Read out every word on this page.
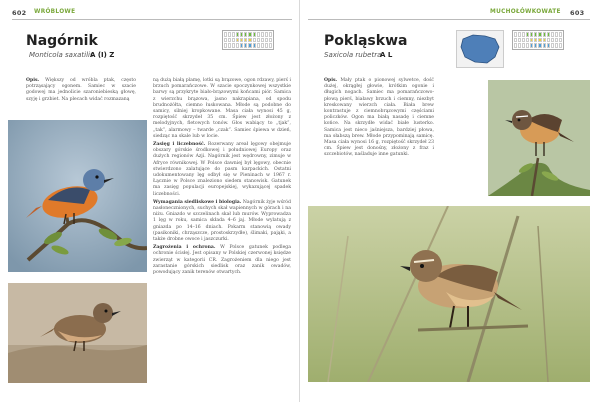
602 WRÓBLOWE
Nagórnik
Monticola saxatilis
A (I) Z

Opis. Większy od wróbla ptak, często potrząsający ogonem. Samiec w szacie godowej ma jednolicie szaroniebieską głowę, szyję i grzbiet. Na plecach widać rozmazaną

ną dużą białą plamę, lotki są brązowe, ogon rdzawy, pierś i brzuch pomarańczowe. W szacie spoczynkowej wszystkie barwy są przykryte biało-brązowymi końcami piór. Samica z wierzchu brązowa, jasno nakrapiana, od spodu brudnożółta, ciemno łuskowana. Młode są podobne do samicy, silniej kropkowane. Masa ciała wynosi 45 g, rozpiętość skrzydeł 35 cm. Śpiew jest złożony z melodyjnych, fletowych tonów. Głos wabiący to „tjak”, „tak”, alarmowy – twarde „czak”. Samiec śpiewa w dzień, siedząc na skale lub w locie.

Zasięg i liczebność. Rozerwany areał lęgowy obejmuje obszary górskie środkowej i południowej Europy oraz dużych regionów Azji. Nagórnik jest wędrowny, zimuje w Afryce równikowej. W Polsce dawniej był lęgowy, obecnie stwierdzono zalatujące do pasm karpackich. Ostatni udokumentowany lęg odbył się w Pieninach w 1967 r. Łącznie w Polsce znaleziono siedem stanowisk. Gatunek ma zasięg populacji europejskiej, wykazującej spadek liczebności.

Wymagania siedliskowe i biologia. Nagórnik żyje wśród nasłonecznionych, suchych skał wapiennych w górach i na niżu. Gniazdo w szczelinach skał lub murów. Wyprowadza 1 lęg w roku, samica składa 4–6 jaj. Młode wylatują z gniazda po 14–16 dniach. Pokarm stanowią owady (pasikoniki, chrząszcze, prostoskrzydłe), ślimaki, pająki, a także drobne owoce i jaszczurki.

Zagrożenia i ochrona. W Polsce gatunek podlega ochronie ścisłej. Jest opisany w Polskiej czerwonej księdze zwierząt w kategorii CR. Zagrożeniem dla niego jest zarastanie górskich siedlisk oraz zanik owadów, powodujący zanik terenów otwartych.

MUCHOŁÓWKOWATE 603
Pokląskwa
Saxicola rubetra
A L

Opis. Mały ptak o pionowej sylwetce, dość dużej, okrągłej głowie, krótkim ogonie i długich nogach. Samiec ma pomarańczowo-płową pierś, białawy brzuch i ciemny, niezbyt kreskowany wierzch ciała. Biała brew kontrastuje z ciemnobrązowymi częściami policzków. Ogon ma białą nasadę i ciemne końce. Na skrzydłe widać białe lusterko. Samica jest nieco jaśniejsza, bardziej płowa, ma słabszą brew. Młode przypominają samicę. Masa ciała wynosi 16 g, rozpiętość skrzydeł 23 cm. Śpiew jest donośny, złożony z fraz i szczebiotów, naśladuje inne gatunki.
